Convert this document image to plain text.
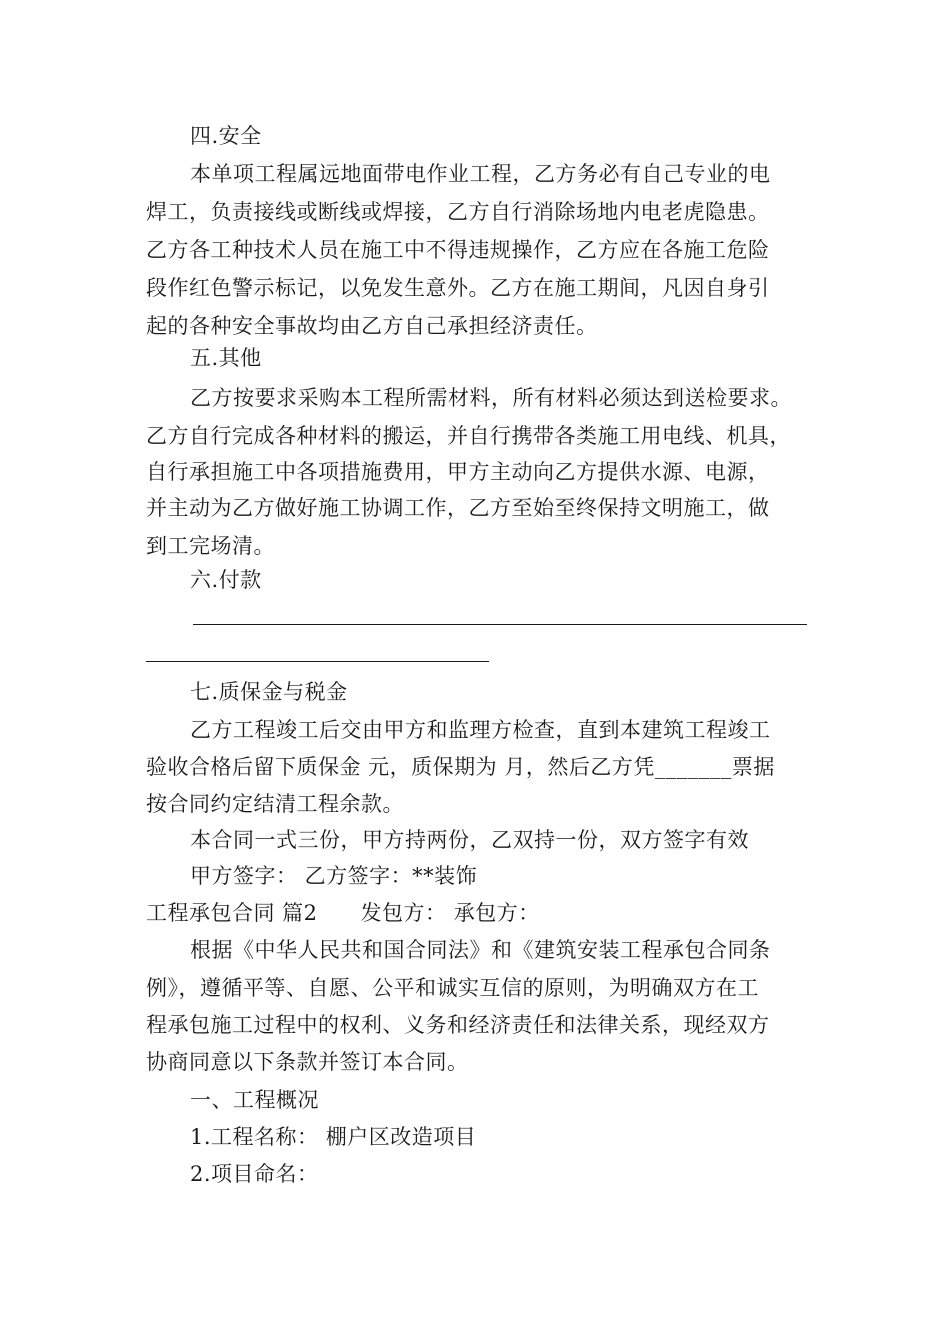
四.安全
本单项工程属远地面带电作业工程，乙方务必有自己专业的电
焊工，负责接线或断线或焊接，乙方自行消除场地内电老虎隐患。
乙方各工种技术人员在施工中不得违规操作，乙方应在各施工危险
段作红色警示标记，以免发生意外。乙方在施工期间，凡因自身引
起的各种安全事故均由乙方自己承担经济责任。
五.其他
乙方按要求采购本工程所需材料，所有材料必须达到送检要求。
乙方自行完成各种材料的搬运，并自行携带各类施工用电线、机具，
自行承担施工中各项措施费用，甲方主动向乙方提供水源、电源，
并主动为乙方做好施工协调工作，乙方至始至终保持文明施工，做
到工完场清。
六.付款
七.质保金与税金
乙方工程竣工后交由甲方和监理方检查，直到本建筑工程竣工
验收合格后留下质保金 元，质保期为 月，然后乙方凭_______票据
按合同约定结清工程余款。
本合同一式三份，甲方持两份，乙双持一份，双方签字有效
甲方签字： 乙方签字：**装饰
工程承包合同 篇2　　发包方： 承包方：
根据《中华人民共和国合同法》和《建筑安装工程承包合同条
例》，遵循平等、自愿、公平和诚实互信的原则，为明确双方在工
程承包施工过程中的权利、义务和经济责任和法律关系，现经双方
协商同意以下条款并签订本合同。
一、工程概况
1.工程名称： 棚户区改造项目
2.项目命名：
